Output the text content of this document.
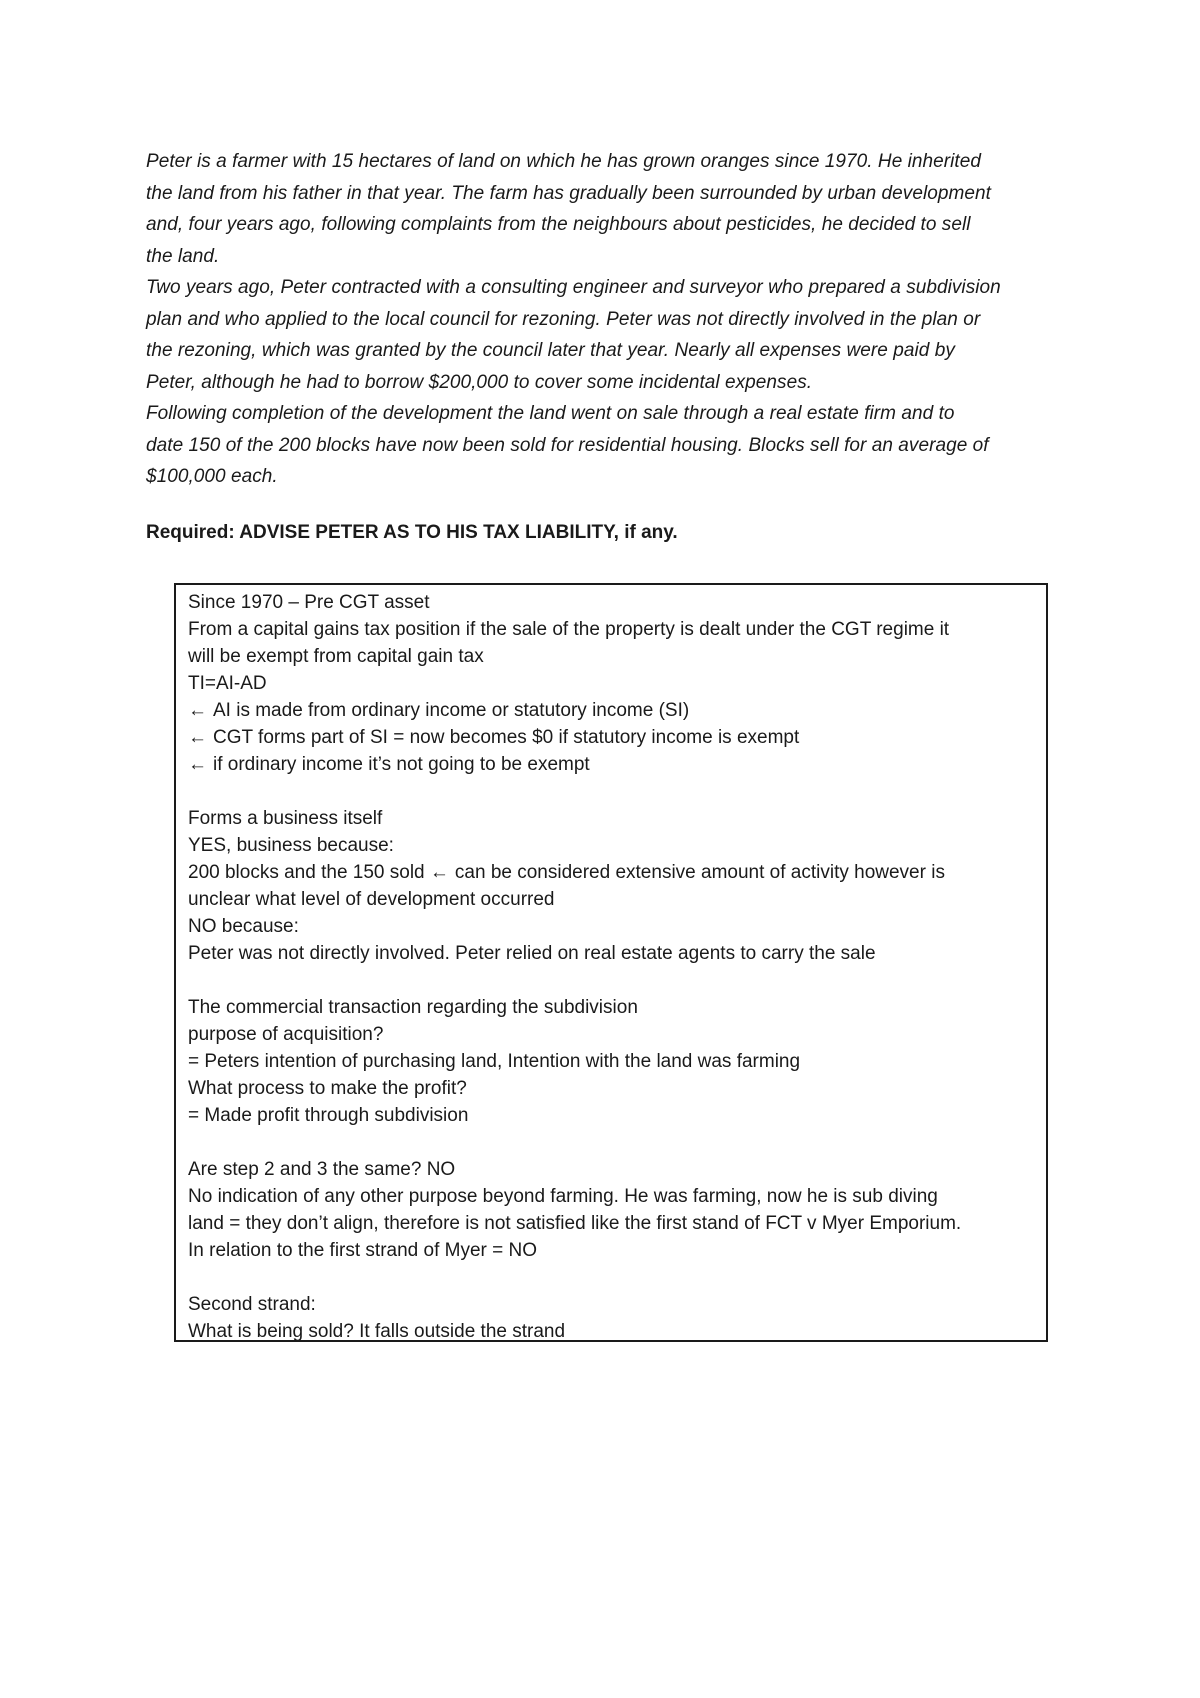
Peter is a farmer with 15 hectares of land on which he has grown oranges since 1970. He inherited
the land from his father in that year. The farm has gradually been surrounded by urban development
and, four years ago, following complaints from the neighbours about pesticides, he decided to sell
the land.
Two years ago, Peter contracted with a consulting engineer and surveyor who prepared a subdivision
plan and who applied to the local council for rezoning. Peter was not directly involved in the plan or
the rezoning, which was granted by the council later that year. Nearly all expenses were paid by
Peter, although he had to borrow $200,000 to cover some incidental expenses.
Following completion of the development the land went on sale through a real estate firm and to
date 150 of the 200 blocks have now been sold for residential housing. Blocks sell for an average of
$100,000 each.
Required: ADVISE PETER AS TO HIS TAX LIABILITY, if any.
Since 1970 – Pre CGT asset
From a capital gains tax position if the sale of the property is dealt under the CGT regime it
will be exempt from capital gain tax
TI=AI-AD
← AI is made from ordinary income or statutory income (SI)
← CGT forms part of SI = now becomes $0 if statutory income is exempt
← if ordinary income it’s not going to be exempt
Forms a business itself
YES, business because:
200 blocks and the 150 sold ← can be considered extensive amount of activity however is
unclear what level of development occurred
NO because:
Peter was not directly involved. Peter relied on real estate agents to carry the sale
The commercial transaction regarding the subdivision
purpose of acquisition?
= Peters intention of purchasing land, Intention with the land was farming
What process to make the profit?
= Made profit through subdivision
Are step 2 and 3 the same? NO
No indication of any other purpose beyond farming. He was farming, now he is sub diving
land = they don’t align, therefore is not satisfied like the first stand of FCT v Myer Emporium.
In relation to the first strand of Myer = NO
Second strand:
What is being sold? It falls outside the strand
